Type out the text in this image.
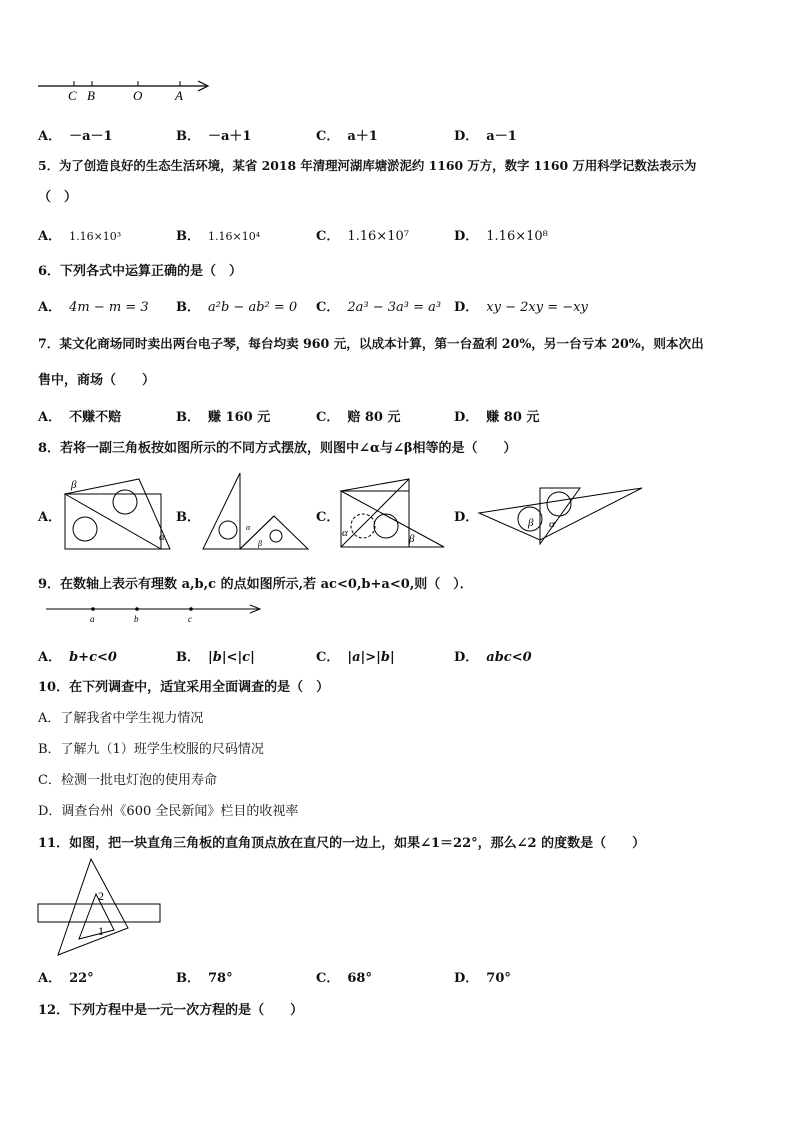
C B	O	A
A． －a－1	B． －a＋1	C． a＋1	D． a－1
5．为了创造良好的生态生活环境，某省 2018 年清理河湖库塘淤泥约 1160 万方，数字 1160 万用科学记数法表示为
（　）
A． 1.16×10³	B． 1.16×10⁴	C． 1.16×10⁷	D． 1.16×10⁸
6．下列各式中运算正确的是（　）
A． 4m − m = 3 B． a²b − ab² = 0 C． 2a³ − 3a³ = a³ D． xy − 2xy = −xy
7．某文化商场同时卖出两台电子琴，每台均卖 960 元，以成本计算，第一台盈利 20%，另一台亏本 20%，则本次出
售中，商场（　　）
A． 不赚不赔	B． 赚 160 元	C． 赔 80 元	D． 赚 80 元
8．若将一副三角板按如图所示的不同方式摆放，则图中∠α与∠β相等的是（　　）
A．
β
α
B．
α
β
C．
α	β
D．	β α
9．在数轴上表示有理数 a,b,c 的点如图所示,若 ac<0,b+a<0,则（　）．
a	b	c
A． b+c<0	B． |b|<|c|	C． |a|>|b|	D． abc<0
10．在下列调查中，适宜采用全面调查的是（　）
A．了解我省中学生视力情况
B．了解九（1）班学生校服的尺码情况
C．检测一批电灯泡的使用寿命
D．调查台州《600 全民新闻》栏目的收视率
11．如图，把一块直角三角板的直角顶点放在直尺的一边上，如果∠1＝22°，那么∠2 的度数是（　　）
2
1
A． 22°	B． 78°	C． 68°	D． 70°
12．下列方程中是一元一次方程的是（　　）
